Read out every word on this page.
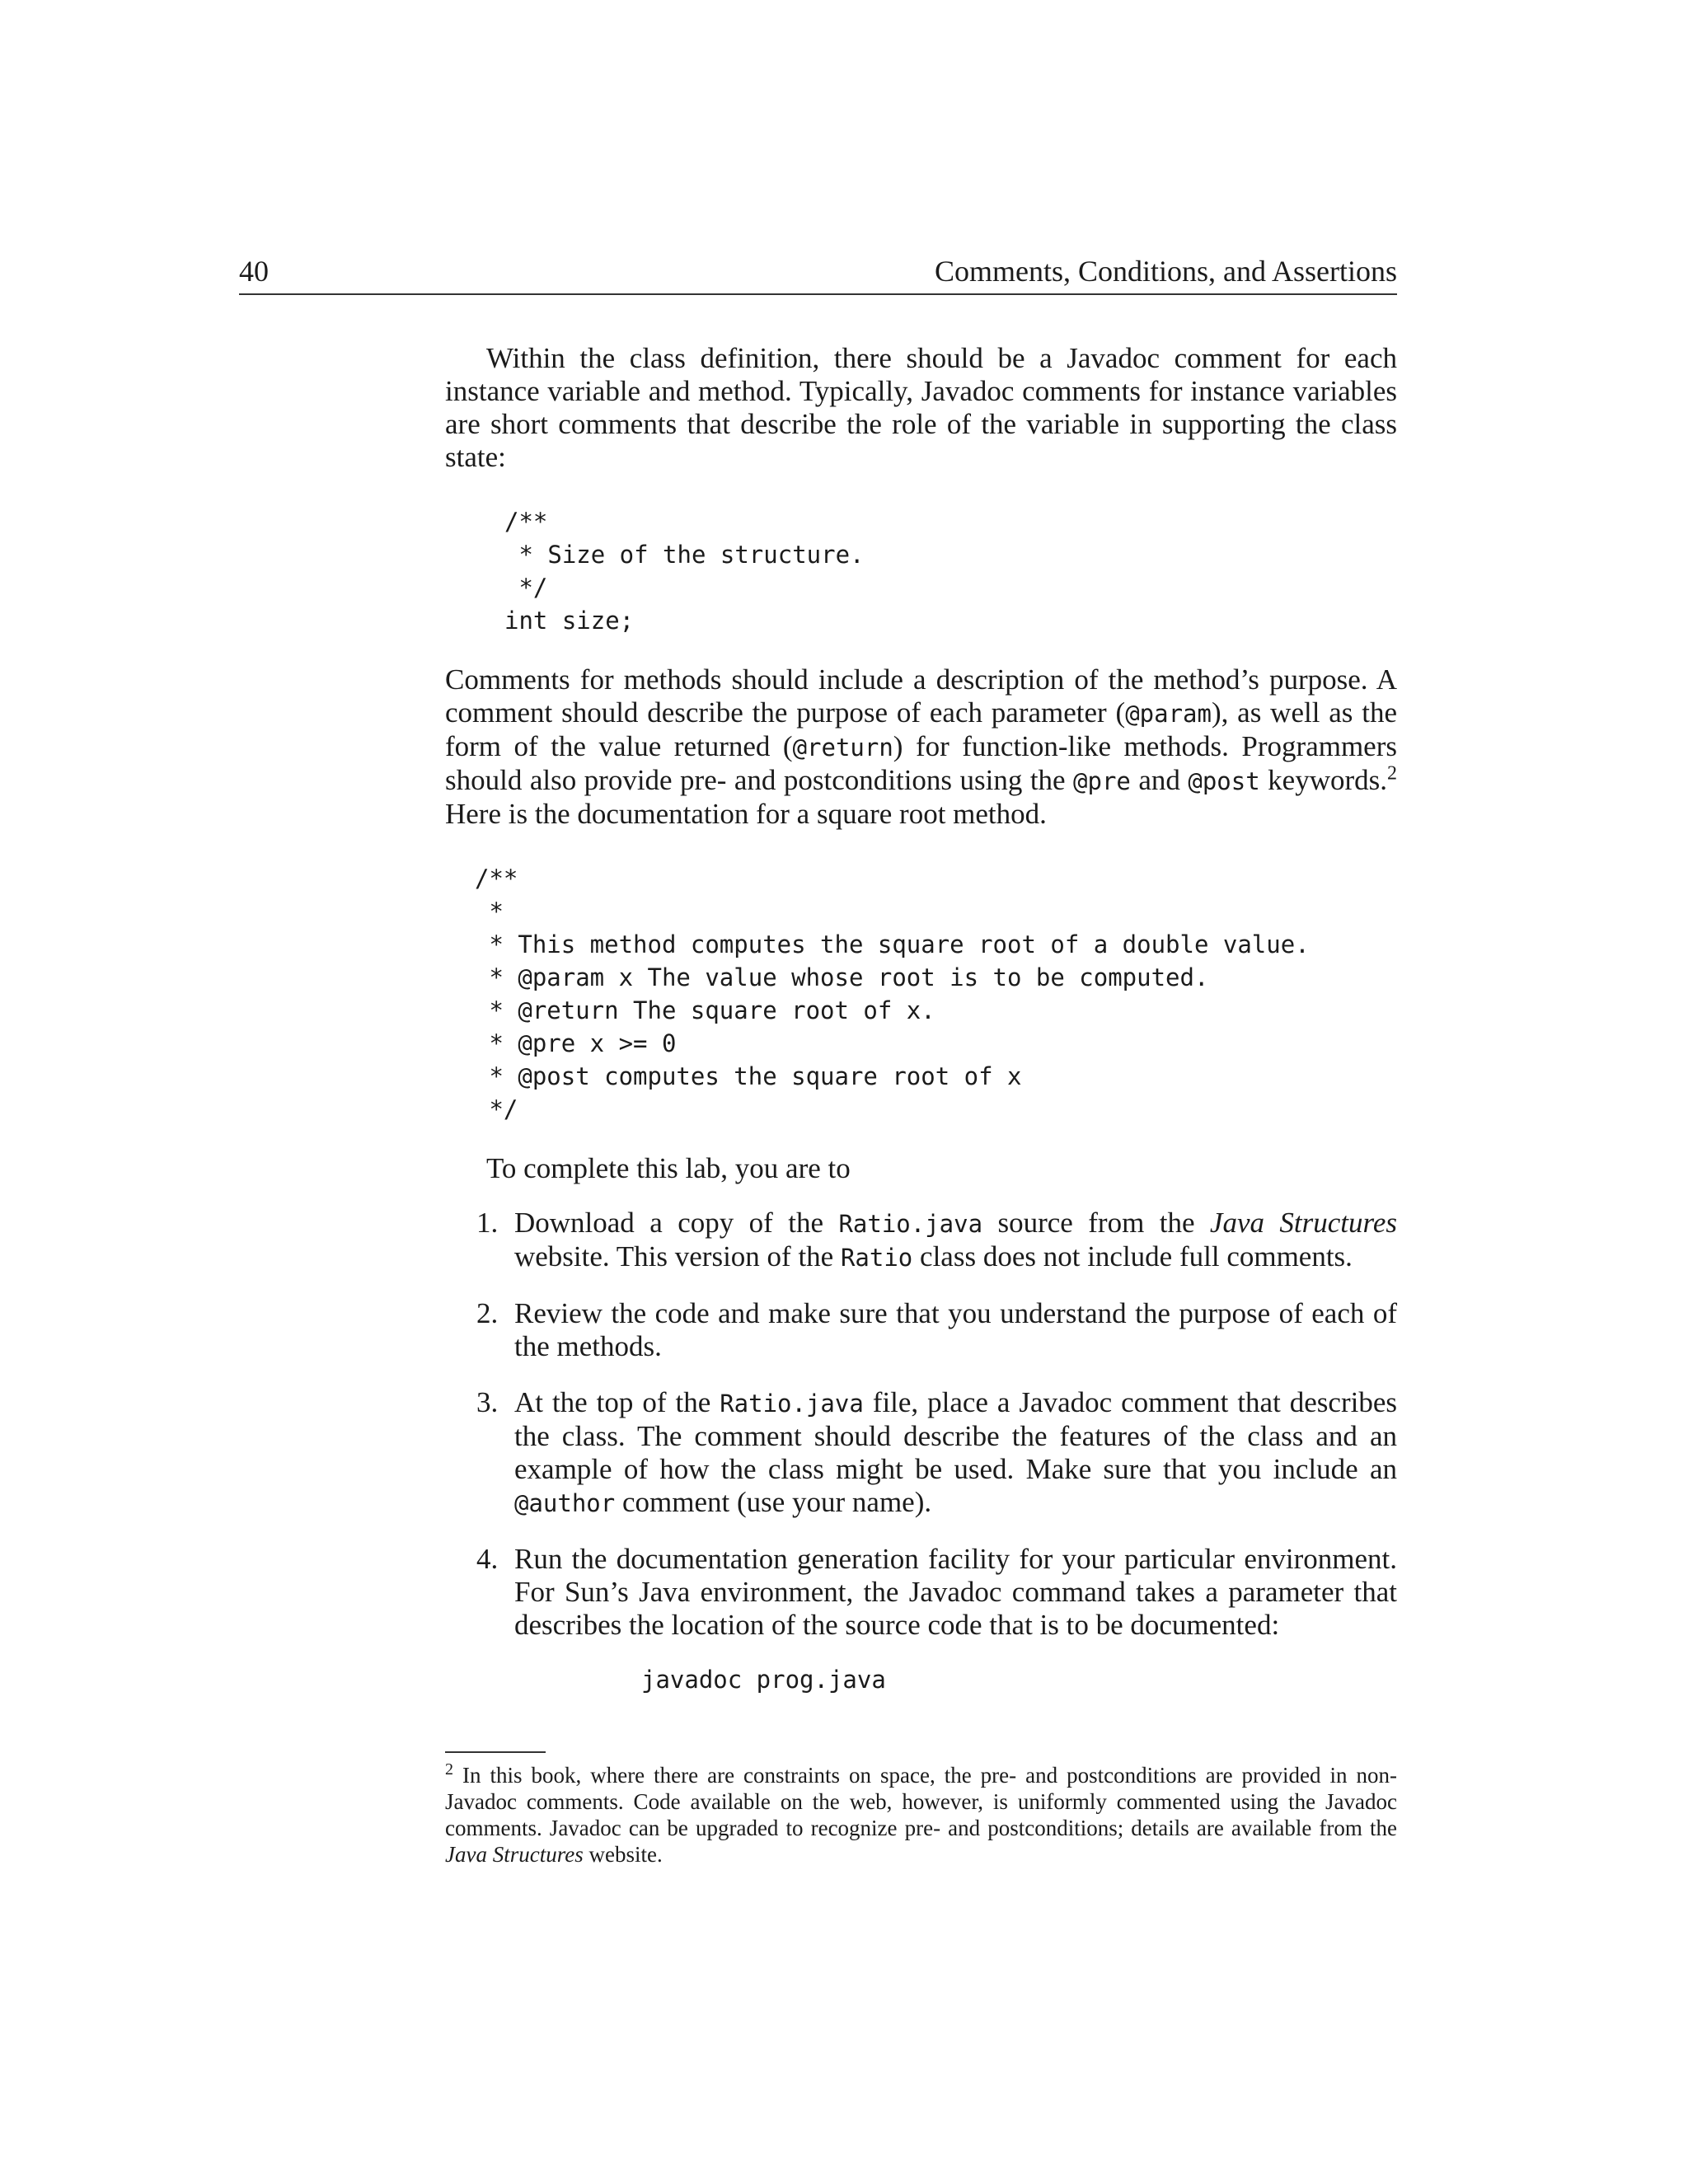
40	Comments, Conditions, and Assertions

Within the class definition, there should be a Javadoc comment for each instance variable and method. Typically, Javadoc comments for instance variables are short comments that describe the role of the variable in supporting the class state:

/**
* Size of the structure.
*/
int size;

Comments for methods should include a description of the method’s purpose. A comment should describe the purpose of each parameter (@param), as well as the form of the value returned (@return) for function-like methods. Programmers should also provide pre- and postconditions using the @pre and @post keywords.$^2$ Here is the documentation for a square root method.

/**
*
* This method computes the square root of a double value.
* @param x The value whose root is to be computed.
* @return The square root of x.
* @pre x >= 0
* @post computes the square root of x
*/

To complete this lab, you are to

1. Download a copy of the Ratio.java source from the Java Structures website. This version of the Ratio class does not include full comments.
2. Review the code and make sure that you understand the purpose of each of the methods.
3. At the top of the Ratio.java file, place a Javadoc comment that describes the class. The comment should describe the features of the class and an example of how the class might be used. Make sure that you include an @author comment (use your name).
4. Run the documentation generation facility for your particular environment. For Sun’s Java environment, the Javadoc command takes a parameter that describes the location of the source code that is to be documented:
javadoc prog.java
$^2$ In this book, where there are constraints on space, the pre- and postconditions are provided in non-Javadoc comments. Code available on the web, however, is uniformly commented using the Javadoc comments. Javadoc can be upgraded to recognize pre- and postconditions; details are available from the Java Structures website.
